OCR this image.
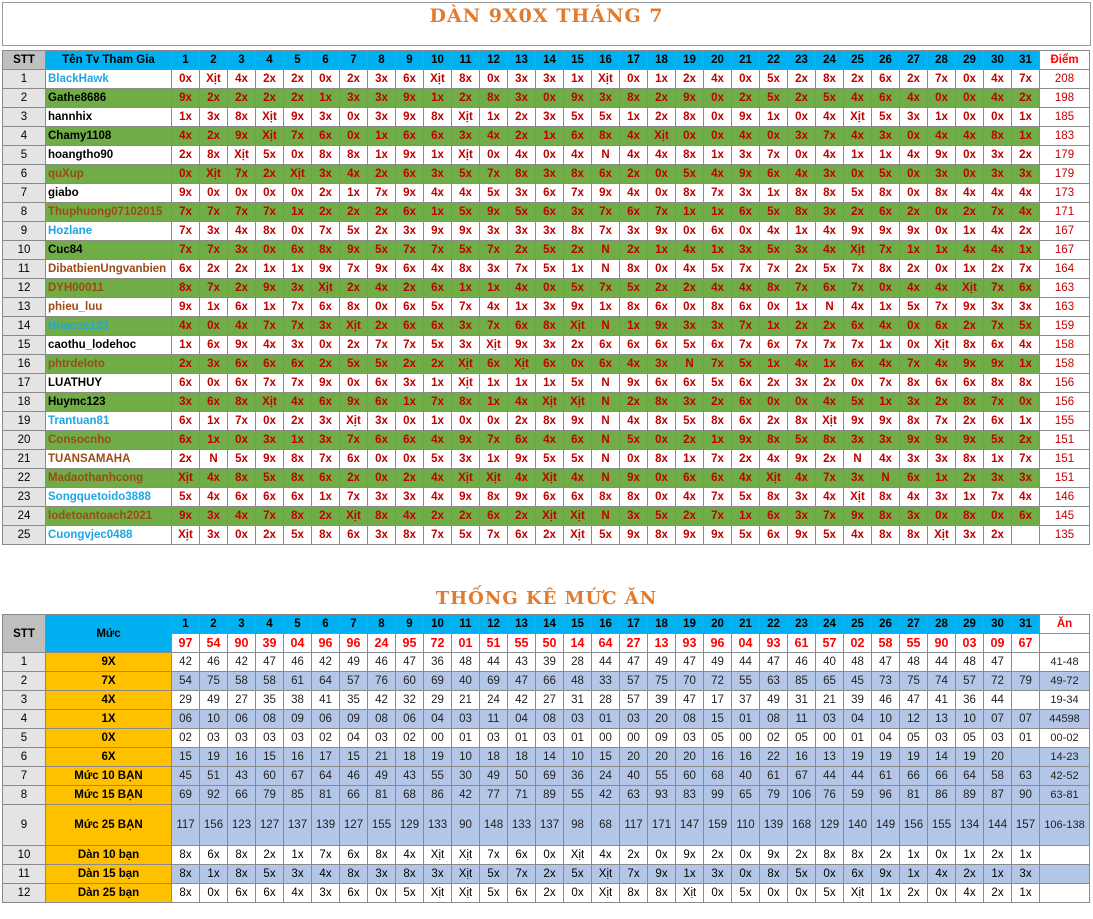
DÀN 9X0X THÁNG 7
STT	Tên Tv Tham Gia	1	2	3	4	5	6	7	8	9	10	11	12	13	14	15	16	17	18	19	20	21	22	23	24	25	26	27	28	29	30	31	Điểm
1	BlackHawk	0x	Xịt	4x	2x	2x	0x	2x	3x	6x	Xịt	8x	0x	3x	3x	1x	Xịt	0x	1x	2x	4x	0x	5x	2x	8x	2x	6x	2x	7x	0x	4x	7x	208
2	Gathe8686	9x	2x	2x	2x	2x	1x	3x	3x	9x	1x	2x	8x	3x	0x	9x	3x	8x	2x	9x	0x	2x	5x	2x	5x	4x	6x	4x	0x	0x	4x	2x	198
3	hannhix	1x	3x	8x	Xịt	9x	3x	0x	3x	9x	8x	Xịt	1x	2x	3x	5x	5x	1x	2x	8x	0x	9x	1x	0x	4x	Xịt	5x	3x	1x	0x	0x	1x	185
4	Chamy1108	4x	2x	9x	Xịt	7x	6x	0x	1x	6x	6x	3x	4x	2x	1x	6x	8x	4x	Xịt	0x	0x	4x	0x	3x	7x	4x	3x	0x	4x	4x	8x	1x	183
5	hoangtho90	2x	8x	Xịt	5x	0x	8x	8x	1x	9x	1x	Xịt	0x	4x	0x	4x	N	4x	4x	8x	1x	3x	7x	0x	4x	1x	1x	4x	9x	0x	3x	2x	179
6	quXup	0x	Xịt	7x	2x	Xịt	3x	4x	2x	6x	3x	5x	7x	8x	3x	8x	6x	2x	0x	5x	4x	9x	6x	4x	3x	0x	5x	0x	3x	0x	3x	3x	179
7	giabo	9x	0x	0x	0x	0x	2x	1x	7x	9x	4x	4x	5x	3x	6x	7x	9x	4x	0x	8x	7x	3x	1x	8x	8x	5x	8x	0x	8x	4x	4x	4x	173
8	Thuphuong07102015	7x	7x	7x	7x	1x	2x	2x	2x	6x	1x	5x	9x	5x	6x	3x	7x	6x	7x	1x	1x	6x	5x	8x	3x	2x	6x	2x	0x	2x	7x	4x	171
9	Hozlane	7x	3x	4x	8x	0x	7x	5x	2x	3x	9x	9x	3x	3x	3x	8x	7x	3x	9x	0x	6x	0x	4x	1x	4x	9x	9x	9x	0x	1x	4x	2x	167
10	Cuc84	7x	7x	3x	0x	6x	8x	9x	5x	7x	7x	5x	7x	2x	5x	2x	N	2x	1x	4x	1x	3x	5x	3x	4x	Xịt	7x	1x	1x	4x	4x	1x	167
11	DibatbienUngvanbien	6x	2x	2x	1x	1x	9x	7x	9x	6x	4x	8x	3x	7x	5x	1x	N	8x	0x	4x	5x	7x	7x	2x	5x	7x	8x	2x	0x	1x	2x	7x	164
12	DYH00011	8x	7x	2x	9x	3x	Xịt	2x	4x	2x	6x	1x	1x	4x	0x	5x	7x	5x	2x	2x	4x	4x	8x	7x	6x	7x	0x	4x	4x	Xịt	7x	6x	163
13	phieu_luu	9x	1x	6x	1x	7x	6x	8x	0x	6x	5x	7x	4x	1x	3x	9x	1x	8x	6x	0x	8x	6x	0x	1x	N	4x	1x	5x	7x	9x	3x	3x	163
14	Hoacoc123	4x	0x	4x	7x	7x	3x	Xịt	2x	6x	6x	3x	7x	6x	8x	Xịt	N	1x	9x	3x	3x	7x	1x	2x	2x	6x	4x	0x	6x	2x	7x	5x	159
15	caothu_lodehoc	1x	6x	9x	4x	3x	0x	2x	7x	7x	5x	3x	Xịt	9x	3x	2x	6x	6x	6x	5x	6x	7x	6x	7x	7x	7x	1x	0x	Xịt	8x	6x	4x	158
16	phtrdeloto	2x	3x	6x	6x	6x	2x	5x	5x	2x	2x	Xịt	6x	Xịt	6x	0x	6x	4x	3x	N	7x	5x	1x	4x	1x	6x	4x	7x	4x	9x	9x	1x	158
17	LUATHUY	6x	0x	6x	7x	7x	9x	0x	6x	3x	1x	Xịt	1x	1x	1x	5x	N	9x	6x	6x	5x	6x	2x	3x	2x	0x	7x	8x	6x	6x	8x	8x	156
18	Huymc123	3x	6x	8x	Xịt	4x	6x	9x	6x	1x	7x	8x	1x	4x	Xịt	Xịt	N	2x	8x	3x	2x	6x	0x	0x	4x	5x	1x	3x	2x	8x	7x	0x	156
19	Trantuan81	6x	1x	7x	0x	2x	3x	Xịt	3x	0x	1x	0x	0x	2x	8x	9x	N	4x	8x	5x	8x	6x	2x	8x	Xịt	9x	9x	8x	7x	2x	6x	1x	155
20	Consocnho	6x	1x	0x	3x	1x	3x	7x	6x	6x	4x	9x	7x	6x	4x	6x	N	5x	0x	2x	1x	9x	8x	5x	8x	3x	3x	9x	9x	9x	5x	2x	151
21	TUANSAMAHA	2x	N	5x	9x	8x	7x	6x	0x	0x	5x	3x	1x	9x	5x	5x	N	0x	8x	1x	7x	2x	4x	9x	2x	N	4x	3x	3x	8x	1x	7x	151
22	Madaothanhcong	Xịt	4x	8x	5x	8x	6x	2x	0x	2x	4x	Xịt	Xịt	4x	Xịt	4x	N	9x	0x	6x	6x	4x	Xịt	4x	7x	3x	N	6x	1x	2x	3x	3x	151
23	Songquetoido3888	5x	4x	6x	6x	6x	1x	7x	3x	3x	4x	9x	8x	9x	6x	6x	8x	8x	0x	4x	7x	5x	8x	3x	4x	Xịt	8x	4x	3x	1x	7x	4x	146
24	lodetoantoach2021	9x	3x	4x	7x	8x	2x	Xịt	8x	4x	2x	2x	6x	2x	Xịt	Xịt	N	3x	5x	2x	7x	1x	6x	3x	7x	9x	8x	3x	0x	8x	0x	6x	145
25	Cuongvjec0488	Xịt	3x	0x	2x	5x	8x	6x	3x	8x	7x	5x	7x	6x	2x	Xịt	5x	9x	8x	9x	9x	5x	6x	9x	5x	4x	8x	8x	Xịt	3x	2x		135
THỐNG KÊ MỨC ĂN
STT	Mức	1	2	3	4	5	6	7	8	9	10	11	12	13	14	15	16	17	18	19	20	21	22	23	24	25	26	27	28	29	30	31	Ăn
		97	54	90	39	04	96	96	24	95	72	01	51	55	50	14	64	27	13	93	96	04	93	61	57	02	58	55	90	03	09	67	
1	9X	42	46	42	47	46	42	49	46	47	36	48	44	43	39	28	44	47	49	47	49	44	47	46	40	48	47	48	44	48	47		41-48
2	7X	54	75	58	58	61	64	57	76	60	69	40	69	47	66	48	33	57	75	70	72	55	63	85	65	45	73	75	74	57	72	79	49-72
3	4X	29	49	27	35	38	41	35	42	32	29	21	24	42	27	31	28	57	39	47	17	37	49	31	21	39	46	47	41	36	44		19-34
4	1X	06	10	06	08	09	06	09	08	06	04	03	11	04	08	03	01	03	20	08	15	01	08	11	03	04	10	12	13	10	07	07	44598
5	0X	02	03	03	03	03	02	04	03	02	00	01	03	01	03	01	00	00	09	03	05	00	02	05	00	01	04	05	03	05	03	01	00-02
6	6X	15	19	16	15	16	17	15	21	18	19	10	18	18	14	10	15	20	20	20	16	16	22	16	13	19	19	19	14	19	20		14-23
7	Mức 10 BẠN	45	51	43	60	67	64	46	49	43	55	30	49	50	69	36	24	40	55	60	68	40	61	67	44	44	61	66	66	64	58	63	42-52
8	Mức 15 BẠN	69	92	66	79	85	81	66	81	68	86	42	77	71	89	55	42	63	93	83	99	65	79	106	76	59	96	81	86	89	87	90	63-81
9	Mức 25 BẠN	117	156	123	127	137	139	127	155	129	133	90	148	133	137	98	68	117	171	147	159	110	139	168	129	140	149	156	155	134	144	157	106-138
10	Dàn 10 bạn	8x	6x	8x	2x	1x	7x	6x	8x	4x	Xịt	Xịt	7x	6x	0x	Xịt	4x	2x	0x	9x	2x	0x	9x	2x	8x	8x	2x	1x	0x	1x	2x	1x	
11	Dàn 15 bạn	8x	1x	8x	5x	3x	4x	8x	3x	8x	3x	Xịt	5x	7x	2x	5x	Xịt	7x	9x	1x	3x	0x	8x	5x	0x	6x	9x	1x	4x	2x	1x	3x	
12	Dàn 25 bạn	8x	0x	6x	6x	4x	3x	6x	0x	5x	Xịt	Xịt	5x	6x	2x	0x	Xịt	8x	8x	Xịt	0x	5x	0x	0x	5x	Xịt	1x	2x	0x	4x	2x	1x	
